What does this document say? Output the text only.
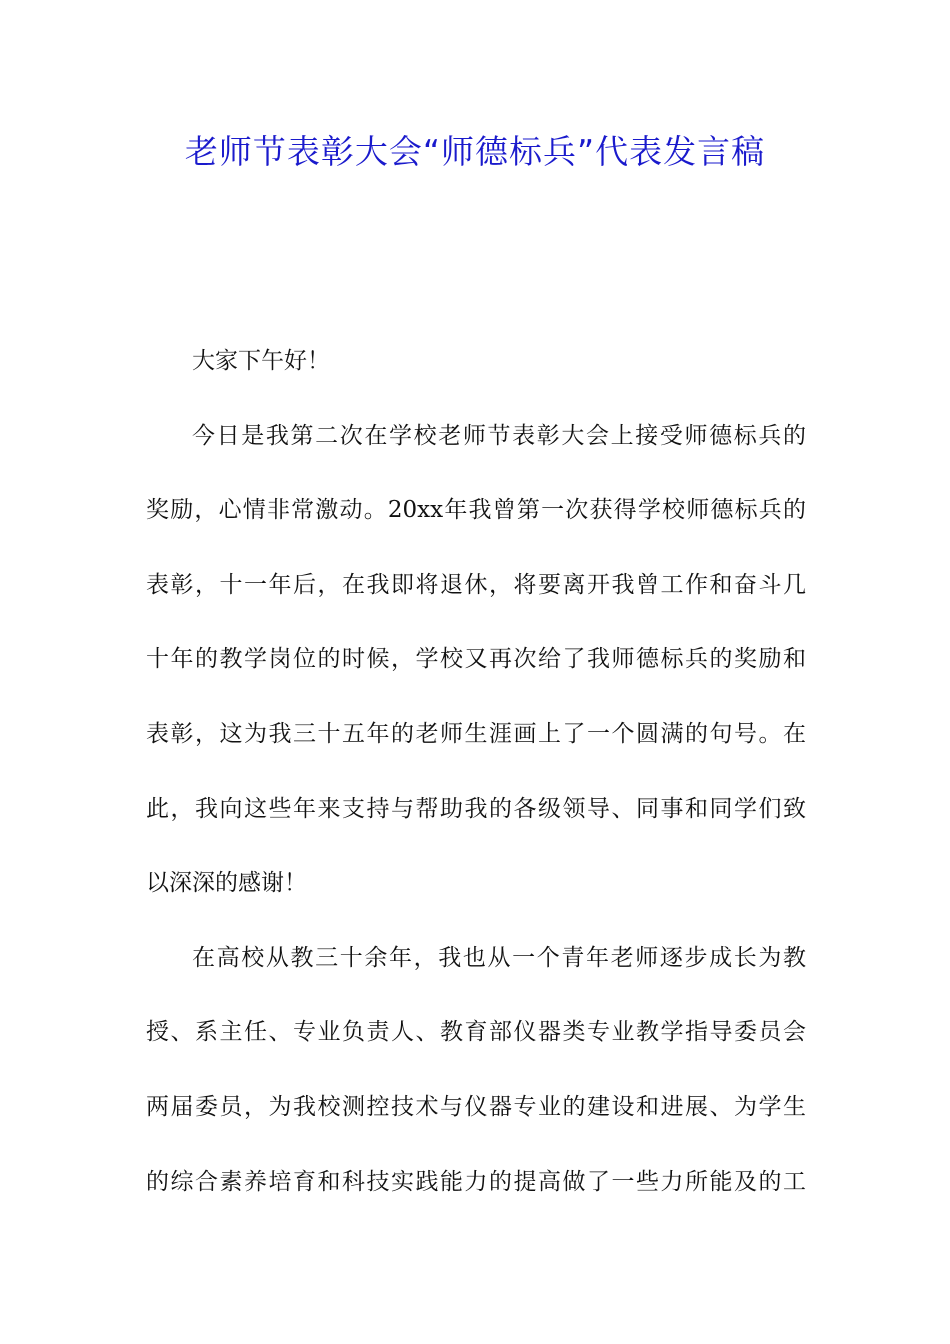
老师节表彰大会“师德标兵”代表发言稿
大家下午好！
今日是我第二次在学校老师节表彰大会上接受师德标兵的
奖励，心情非常激动。20xx年我曾第一次获得学校师德标兵的
表彰，十一年后，在我即将退休，将要离开我曾工作和奋斗几
十年的教学岗位的时候，学校又再次给了我师德标兵的奖励和
表彰，这为我三十五年的老师生涯画上了一个圆满的句号。在
此，我向这些年来支持与帮助我的各级领导、同事和同学们致
以深深的感谢！
在高校从教三十余年，我也从一个青年老师逐步成长为教
授、系主任、专业负责人、教育部仪器类专业教学指导委员会
两届委员，为我校测控技术与仪器专业的建设和进展、为学生
的综合素养培育和科技实践能力的提高做了一些力所能及的工
